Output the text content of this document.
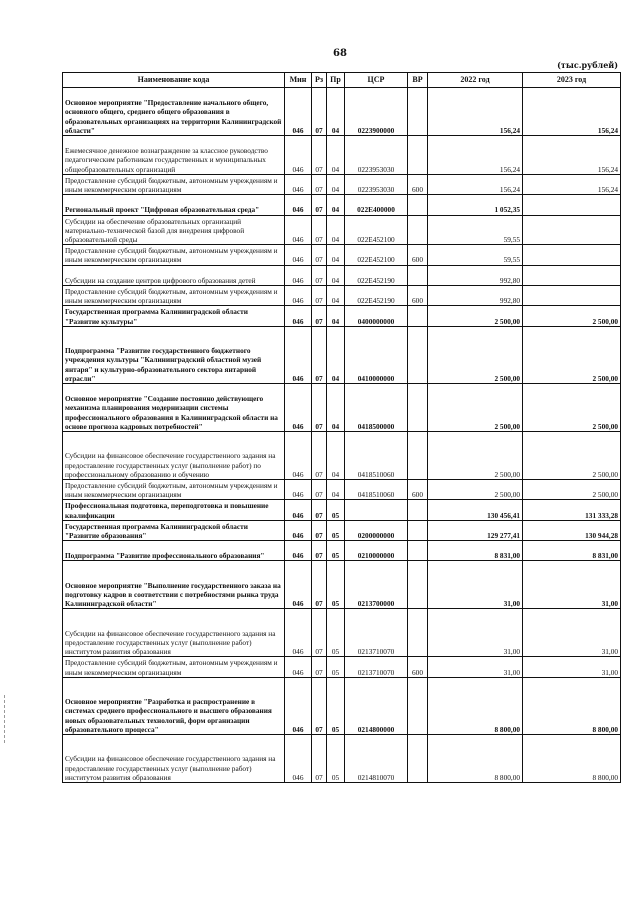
68
(тыс.рублей)
Наименование кода	Мин	Рз	Пр	ЦСР	ВР	2022 год	2023 год
Основное мероприятие "Предоставление начального общего, основного общего, среднего общего образования в образовательных организациях на территории Калининградской области"	046	07	04	0223900000		156,24	156,24
Ежемесячное денежное вознаграждение за классное руководство педагогическим работникам государственных и муниципальных общеобразовательных организаций	046	07	04	0223953030		156,24	156,24
Предоставление субсидий бюджетным, автономным учреждениям и иным некоммерческим организациям	046	07	04	0223953030	600	156,24	156,24
Региональный проект "Цифровая образовательная среда"	046	07	04	022Е400000		1 052,35	
Субсидии на обеспечение образовательных организаций материально-технической базой для внедрения цифровой образовательной среды	046	07	04	022Е452100		59,55	
Предоставление субсидий бюджетным, автономным учреждениям и иным некоммерческим организациям	046	07	04	022Е452100	600	59,55	
Субсидии на создание центров цифрового образования детей	046	07	04	022Е452190		992,80	
Предоставление субсидий бюджетным, автономным учреждениям и иным некоммерческим организациям	046	07	04	022Е452190	600	992,80	
Государственная программа Калининградской области "Развитие культуры"	046	07	04	0400000000		2 500,00	2 500,00
Подпрограмма "Развитие государственного бюджетного учреждения культуры "Калининградский областной музей янтаря" и культурно-образовательного сектора янтарной отрасли"	046	07	04	0410000000		2 500,00	2 500,00
Основное мероприятие "Создание постоянно действующего механизма планирования модернизации системы профессионального образования в Калининградской области на основе прогноза кадровых потребностей"	046	07	04	0418500000		2 500,00	2 500,00
Субсидии на финансовое обеспечение государственного задания на предоставление государственных услуг (выполнение работ) по профессиональному образованию и обучению	046	07	04	0418510060		2 500,00	2 500,00
Предоставление субсидий бюджетным, автономным учреждениям и иным некоммерческим организациям	046	07	04	0418510060	600	2 500,00	2 500,00
Профессиональная подготовка, переподготовка и повышение квалификации	046	07	05			130 456,41	131 333,28
Государственная программа Калининградской области "Развитие образования"	046	07	05	0200000000		129 277,41	130 944,28
Подпрограмма "Развитие профессионального образования"	046	07	05	0210000000		8 831,00	8 831,00
Основное мероприятие "Выполнение государственного заказа на подготовку кадров в соответствии с потребностями рынка труда Калининградской области"	046	07	05	0213700000		31,00	31,00
Субсидии на финансовое обеспечение государственного задания на предоставление государственных услуг (выполнение работ) институтом развития образования	046	07	05	0213710070		31,00	31,00
Предоставление субсидий бюджетным, автономным учреждениям и иным некоммерческим организациям	046	07	05	0213710070	600	31,00	31,00
Основное мероприятие "Разработка и распространение в системах среднего профессионального и высшего образования новых образовательных технологий, форм организации образовательного процесса"	046	07	05	0214800000		8 800,00	8 800,00
Субсидии на финансовое обеспечение государственного задания на предоставление государственных услуг (выполнение работ) институтом развития образования	046	07	05	0214810070		8 800,00	8 800,00
